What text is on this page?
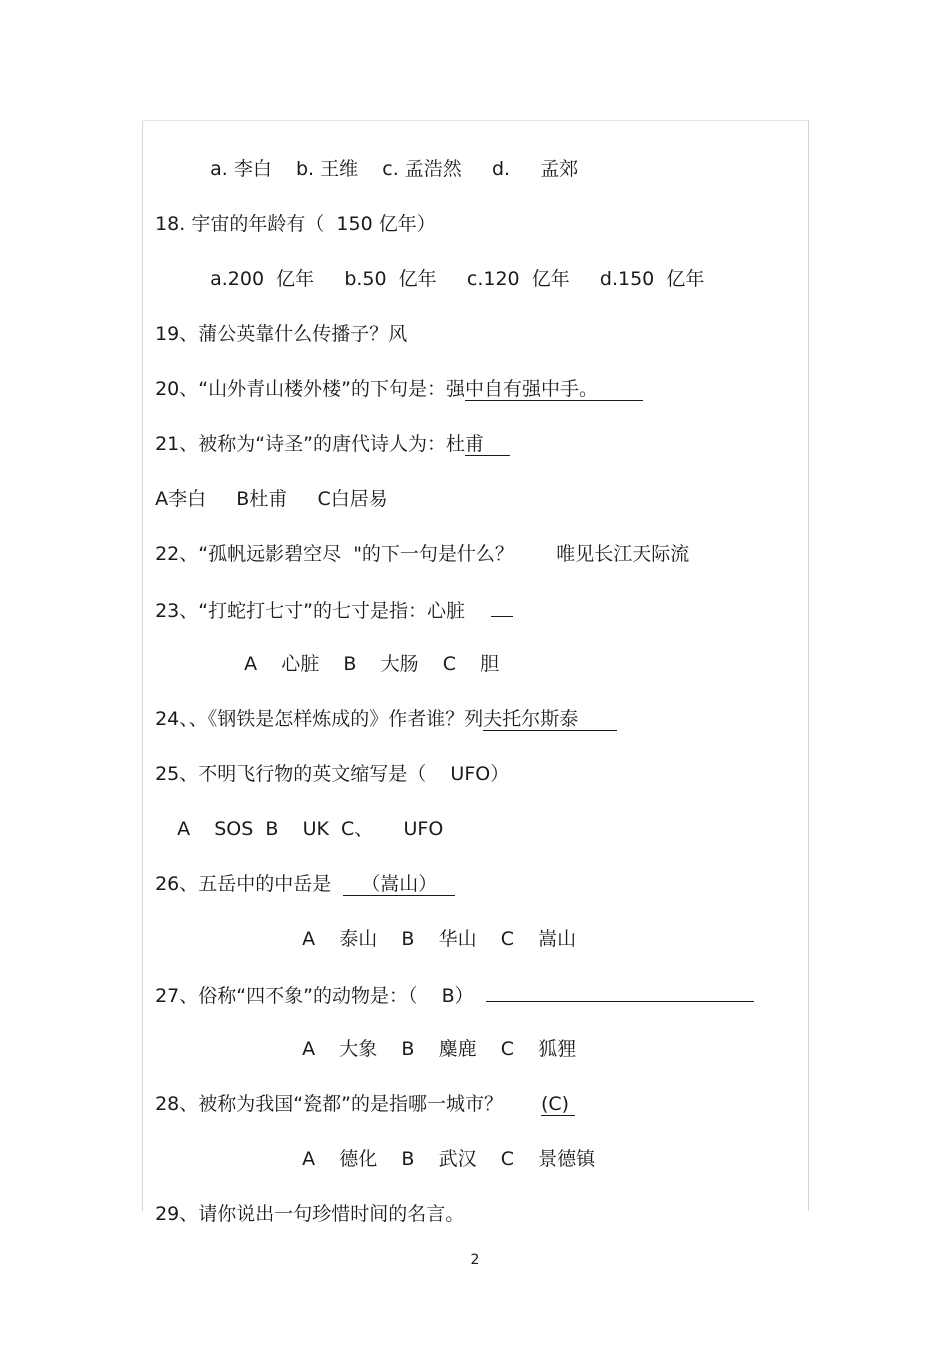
a. 李白    b. 王维    c. 孟浩然     d.     孟郊

18. 宇宙的年龄有（  150 亿年）

a.200  亿年     b.50  亿年     c.120  亿年     d.150  亿年

19、蒲公英靠什么传播子？风

20、“山外青山楼外楼”的下句是：强中自有强中手。

21、被称为“诗圣”的唐代诗人为：杜甫

A李白     B杜甫     C白居易

22、“孤帆远影碧空尽  "的下一句是什么？       唯见长江天际流

23、“打蛇打七寸”的七寸是指：心脏

A    心脏    B    大肠    C    胆

24、、《钢铁是怎样炼成的》作者谁？列夫托尔斯泰

25、不明飞行物的英文缩写是（    UFO）

A    SOS  B    UK  C、     UFO

26、五岳中的中岳是 （嵩山）

A    泰山    B    华山    C    嵩山

27、俗称“四不象”的动物是：（    B）

A    大象    B    麋鹿    C    狐狸

28、被称为我国“瓷都”的是指哪一城市？ (C)

A    德化    B    武汉    C    景德镇

29、请你说出一句珍惜时间的名言。

2
